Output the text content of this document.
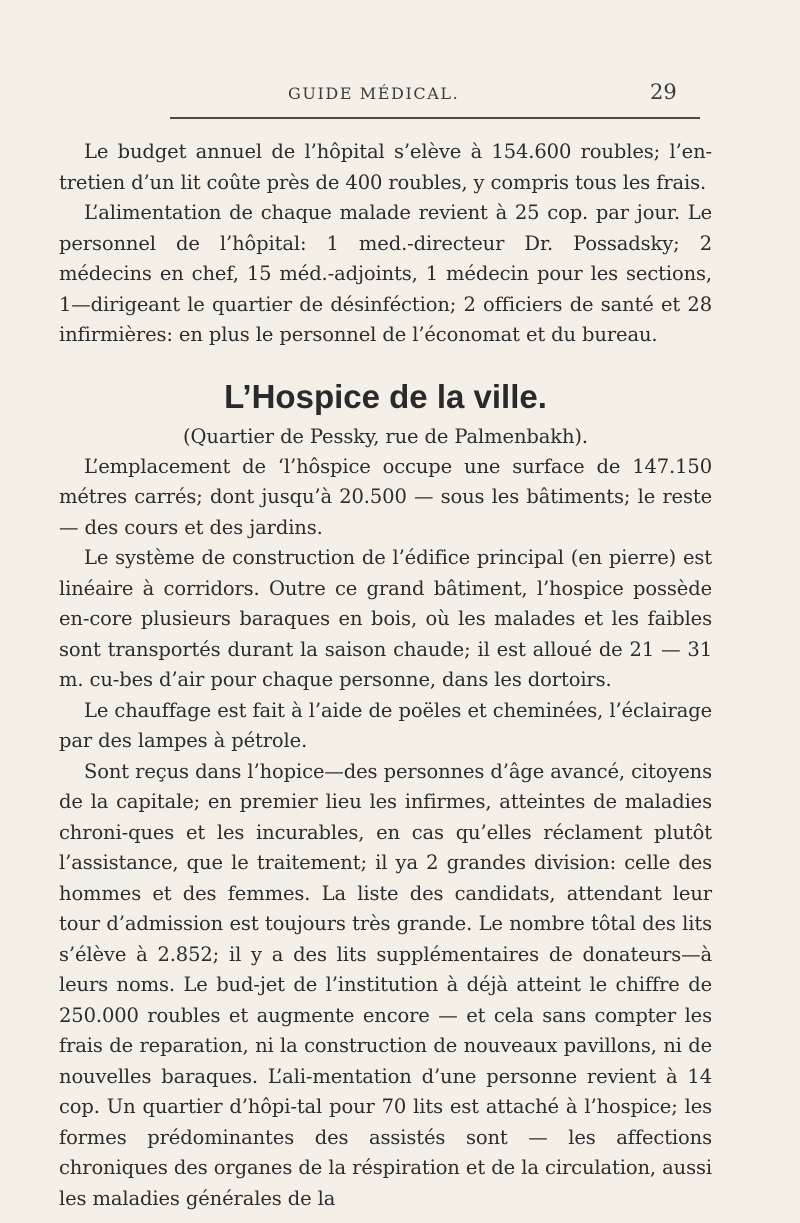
GUIDE MÉDICAL.	29

Le budget annuel de l’hôpital s’elève à 154.600 roubles; l’en-tretien d’un lit coûte près de 400 roubles, y compris tous les frais.

L’alimentation de chaque malade revient à 25 cop. par jour. Le personnel de l’hôpital: 1 med.-directeur Dr. Possadsky; 2 médecins en chef, 15 méd.-adjoints, 1 médecin pour les sections, 1—dirigeant le quartier de désinféction; 2 officiers de santé et 28 infirmières: en plus le personnel de l’économat et du bureau.

L’Hospice de la ville.

(Quartier de Pessky, rue de Palmenbakh).

L’emplacement de ‘l’hôspice occupe une surface de 147.150 métres carrés; dont jusqu’à 20.500 — sous les bâtiments; le reste — des cours et des jardins.

Le système de construction de l’édifice principal (en pierre) est linéaire à corridors. Outre ce grand bâtiment, l’hospice possède en-core plusieurs baraques en bois, où les malades et les faibles sont transportés durant la saison chaude; il est alloué de 21 — 31 m. cu-bes d’air pour chaque personne, dans les dortoirs.

Le chauffage est fait à l’aide de poëles et cheminées, l’éclairage par des lampes à pétrole.

Sont reçus dans l’hopice—des personnes d’âge avancé, citoyens de la capitale; en premier lieu les infirmes, atteintes de maladies chroni-ques et les incurables, en cas qu’elles réclament plutôt l’assistance, que le traitement; il ya 2 grandes division: celle des hommes et des femmes. La liste des candidats, attendant leur tour d’admission est toujours très grande. Le nombre tôtal des lits s’élève à 2.852; il y a des lits supplémentaires de donateurs—à leurs noms. Le bud-jet de l’institution à déjà atteint le chiffre de 250.000 roubles et augmente encore — et cela sans compter les frais de reparation, ni la construction de nouveaux pavillons, ni de nouvelles baraques. L’ali-mentation d’une personne revient à 14 cop. Un quartier d’hôpi-tal pour 70 lits est attaché à l’hospice; les formes prédominantes des assistés sont — les affections chroniques des organes de la réspiration et de la circulation, aussi les maladies générales de la
